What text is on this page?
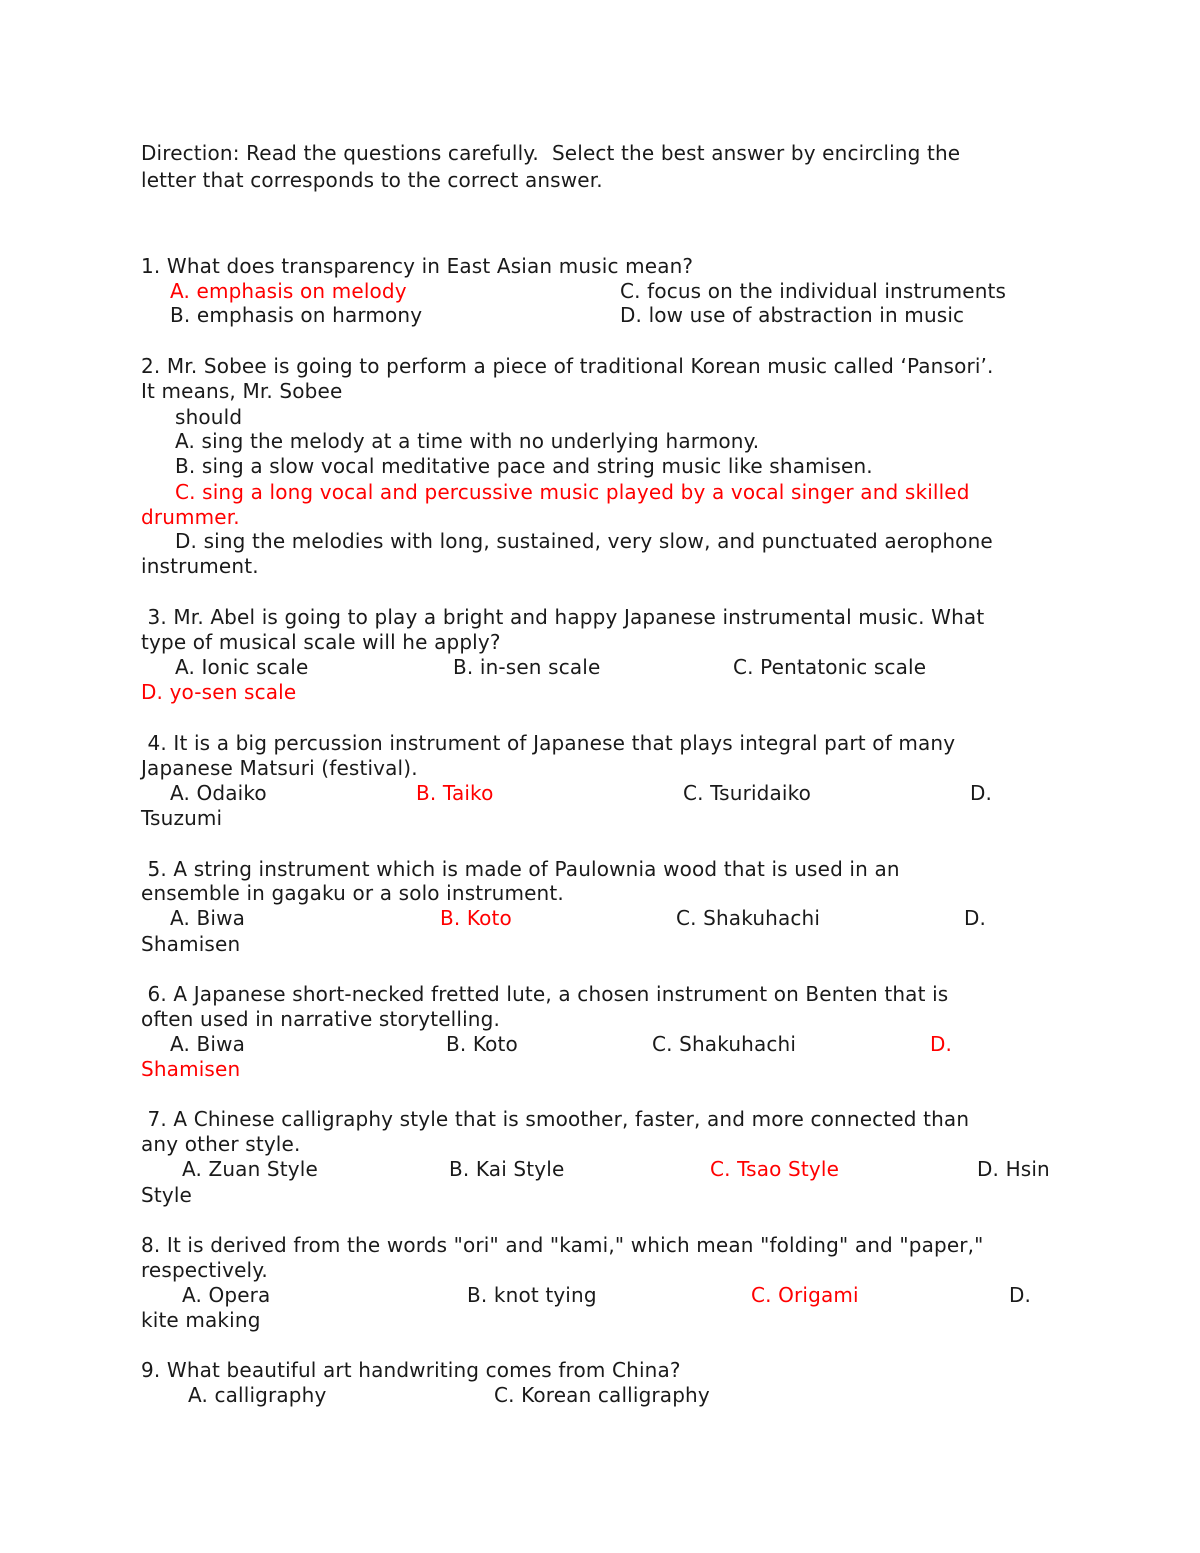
Direction: Read the questions carefully.  Select the best answer by encircling the
letter that corresponds to the correct answer.
1. What does transparency in East Asian music mean?
A. emphasis on melody	C. focus on the individual instruments
B. emphasis on harmony	D. low use of abstraction in music
2. Mr. Sobee is going to perform a piece of traditional Korean music called ‘Pansori’.
It means, Mr. Sobee
should
A. sing the melody at a time with no underlying harmony.
B. sing a slow vocal meditative pace and string music like shamisen.
C. sing a long vocal and percussive music played by a vocal singer and skilled
drummer.
D. sing the melodies with long, sustained, very slow, and punctuated aerophone
instrument.
3. Mr. Abel is going to play a bright and happy Japanese instrumental music. What
type of musical scale will he apply?
A. Ionic scale	B. in-sen scale	C. Pentatonic scale
D. yo-sen scale
4. It is a big percussion instrument of Japanese that plays integral part of many
Japanese Matsuri (festival).
A. Odaiko	B. Taiko	C. Tsuridaiko	D.
Tsuzumi
5. A string instrument which is made of Paulownia wood that is used in an
ensemble in gagaku or a solo instrument.
A. Biwa	B. Koto	C. Shakuhachi	D.
Shamisen
6. A Japanese short-necked fretted lute, a chosen instrument on Benten that is
often used in narrative storytelling.
A. Biwa	B. Koto	C. Shakuhachi	D.
Shamisen
7. A Chinese calligraphy style that is smoother, faster, and more connected than
any other style.
A. Zuan Style	B. Kai Style	C. Tsao Style	D. Hsin
Style
8. It is derived from the words "ori" and "kami," which mean "folding" and "paper,"
respectively.
A. Opera	B. knot tying	C. Origami	D.
kite making
9. What beautiful art handwriting comes from China?
A. calligraphy	C. Korean calligraphy
